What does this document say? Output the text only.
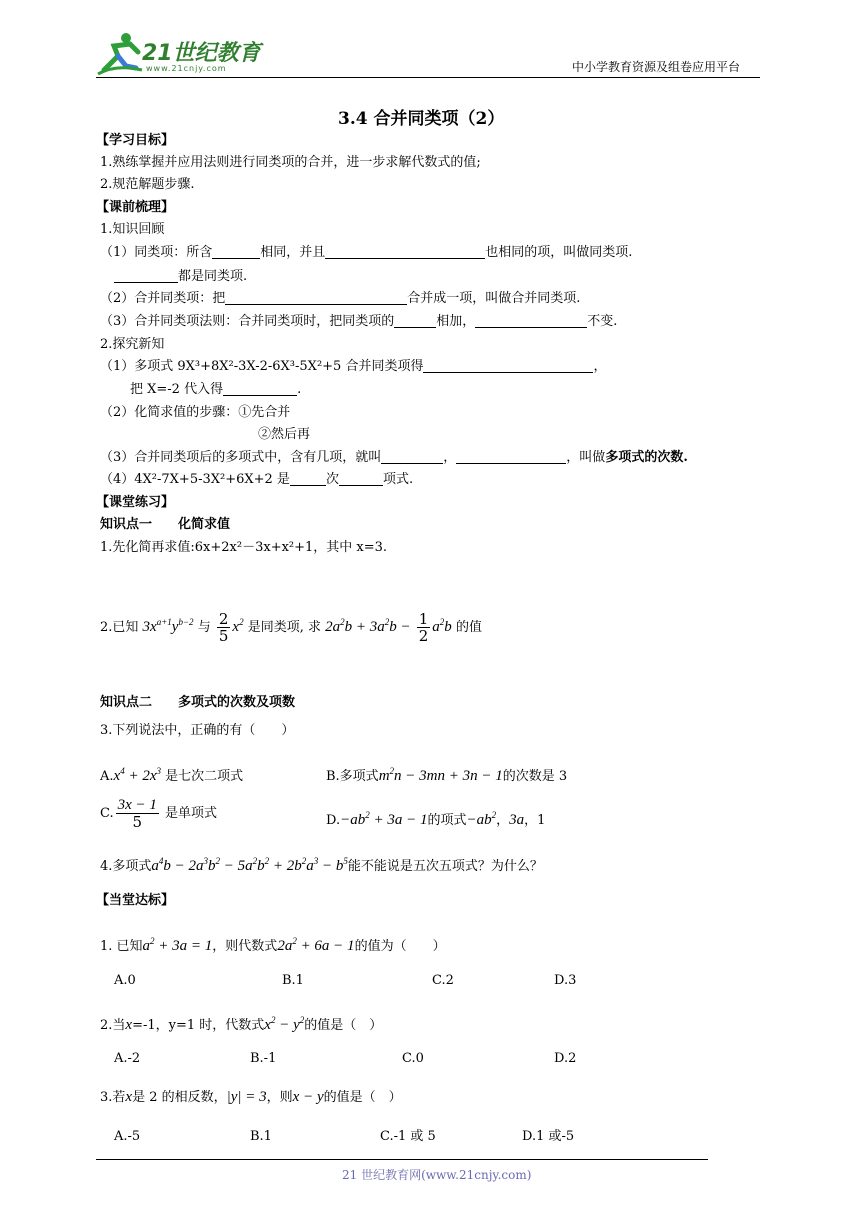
21世纪教育
www.21cnjy.com	中小学教育资源及组卷应用平台
3.4 合并同类项（2）
【学习目标】
1.熟练掌握并应用法则进行同类项的合并，进一步求解代数式的值;
2.规范解题步骤.
【课前梳理】
1.知识回顾
（1）同类项：所含	相同，并且	也相同的项，叫做同类项.
都是同类项.
（2）合并同类项：把	合并成一项，叫做合并同类项.
（3）合并同类项法则：合并同类项时，把同类项的	相加，	不变.
2.探究新知
（1）多项式 9X³+8X²-3X-2-6X³-5X²+5 合并同类项得	，
把 X=-2 代入得	.
（2）化简求值的步骤：①先合并
②然后再
（3）合并同类项后的多项式中，含有几项，就叫	，	，叫做多项式的次数.
（4）4X²-7X+5-3X²+6X+2 是	次	项式.
【课堂练习】
知识点一　　化简求值
1.先化简再求值:6x+2x²－3x+x²+1，其中 x=3.
2.已知 $3x^{a+1}y^{b-2}$ 与 $\frac{2}{5} x^2$ 是同类项, 求 $2a^2b + 3a^2b - \frac{1}{2} a^2b$ 的值
知识点二　　多项式的次数及项数
3.下列说法中，正确的有（　　）
$A.x^4 + 2x^3$ 是七次二项式	B.多项式$m^2n - 3mn + 3n - 1$的次数是 3
C. $\frac{3x - 1}{5}$ 是单项式	$D.-ab^2 + 3a - 1$的项式$-ab^2$，3a，1
4.多项式$a^4b - 2a^3b^2 - 5a^2b^2 + 2b^2a^3 - b^5$能不能说是五次五项式？为什么？
【当堂达标】
1. 已知$a^2 + 3a = 1$，则代数式$2a^2 + 6a - 1$的值为（　　）
A.0	B.1	C.2	D.3
2.当x=-1，y=1 时，代数式$x^2 - y^2$的值是（　）
A.-2	B.-1	C.0	D.2
3.若x是 2 的相反数，|y| = 3，则x − y的值是（　）
A.-5	B.1	C.-1 或 5	D.1 或-5
21 世纪教育网(www.21cnjy.com)
